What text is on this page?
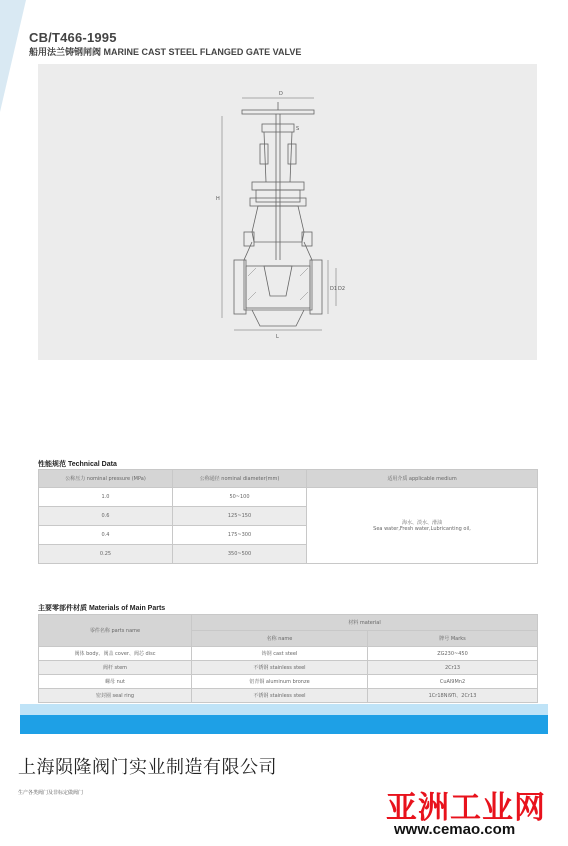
CB/T466-1995
船用法兰铸钢闸阀 MARINE CAST STEEL FLANGED GATE VALVE
D
S
H
D1 D2
L
性能规范 Technical Data
公称压力 nominal pressure (MPa)	公称通径 nominal diameter(mm)	适用介质 applicable medium
1.0	50~100	海水、淡水、滑油
Sea water,Fresh water,Lubricanting oil,

0.6	125~150	
0.4	175~300	
0.25	350~500	
主要零部件材质 Materials of Main Parts
零件名称 parts name	材料 material	
	名称 name	牌号 Marks
阀体 body、阀盖 cover、阀芯 disc	铸钢 cast steel	ZG230~450
阀杆 stem	不锈钢 stainless steel	2Cr13
螺母 nut	铝青铜 aluminum bronze	CuAl9Mn2
密封圈 seal ring	不锈钢 stainless steel	1Cr18Ni9Ti、2Cr13
上海陨隆阀门实业制造有限公司
生产各类阀门及非标定做阀门	亚洲工业网
www.cemao.com
